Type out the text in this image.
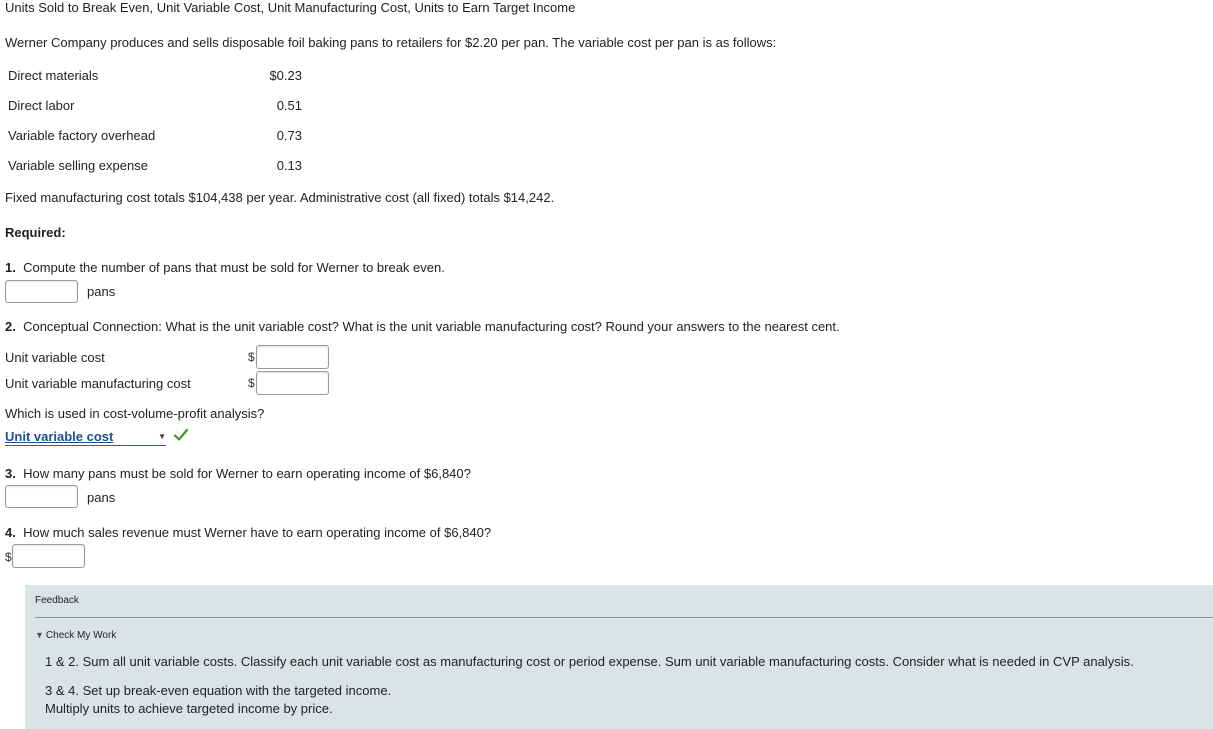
Units Sold to Break Even, Unit Variable Cost, Unit Manufacturing Cost, Units to Earn Target Income
Werner Company produces and sells disposable foil baking pans to retailers for $2.20 per pan. The variable cost per pan is as follows:
Direct materials	$0.23
Direct labor	0.51
Variable factory overhead	0.73
Variable selling expense	0.13
Fixed manufacturing cost totals $104,438 per year. Administrative cost (all fixed) totals $14,242.
Required:
1. Compute the number of pans that must be sold for Werner to break even.
pans
2. Conceptual Connection: What is the unit variable cost? What is the unit variable manufacturing cost? Round your answers to the nearest cent.
Unit variable cost	$
Unit variable manufacturing cost	$
Which is used in cost-volume-profit analysis?
Unit variable cost	▼
3. How many pans must be sold for Werner to earn operating income of $6,840?
pans
4. How much sales revenue must Werner have to earn operating income of $6,840?
$
Feedback
▼ Check My Work
1 & 2. Sum all unit variable costs. Classify each unit variable cost as manufacturing cost or period expense. Sum unit variable manufacturing costs. Consider what is needed in CVP analysis.
3 & 4. Set up break-even equation with the targeted income.
Multiply units to achieve targeted income by price.
